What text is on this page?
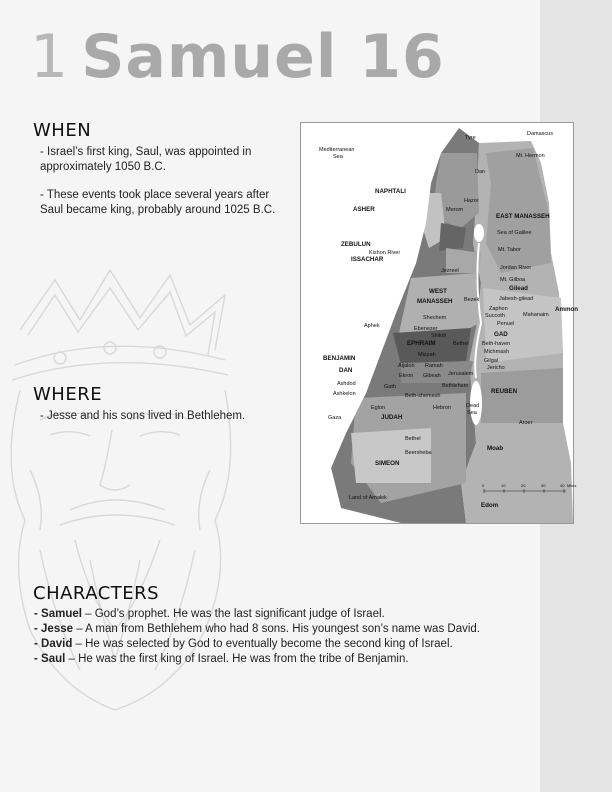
1 Samuel 16
WHEN

- Israel’s first king, Saul, was appointed in approximately 1050 B.C.

- These events took place several years after Saul became king, probably around 1025 B.C.

WHERE

- Jesse and his sons lived in Bethlehem.

CHARACTERS
- Samuel – God’s prophet. He was the last significant judge of Israel.
- Jesse – A man from Bethlehem who had 8 sons. His youngest son’s name was David.
- David – He was selected by God to eventually become the second king of Israel.
- Saul – He was the first king of Israel. He was from the tribe of Benjamin.
Tyre
Damascus
Mediterranean
Sea	Mt. Hermon
Dan
NAPHTALI
Hazor
Merom
ASHER
EAST MANASSEH
Sea of Galilee
ZEBULUN
Kishon River	Mt. Tabor
ISSACHAR
Jezreel	Jordan River
Mt. Gilboa
Gilead
Jabesh-gilead
WEST
MANASSEH Bezek
Zaphon
Succoth	Mahanaim
Ammon
Shechem
Penuel
Aphek	Ebenezer
Shiloh	GAD
EPHRAIM	Bethel Beth-haven
BENJAMIN
Michmash
Mizpah
Gilgal
DAN
Aijalon Ramah	Jericho
Ekron Gibeah Jerusalem
Ashdod	Gath	Bethlehem
Ashkelon	Beth-shemesh
REUBEN
Eglon	Hebron	Dead
Sea
Gaza	JUDAH
Aroer
Bethel
Beersheba
Moab
SIMEON
Land of Amalek
Edom
0	10	20	30	40 Miles
